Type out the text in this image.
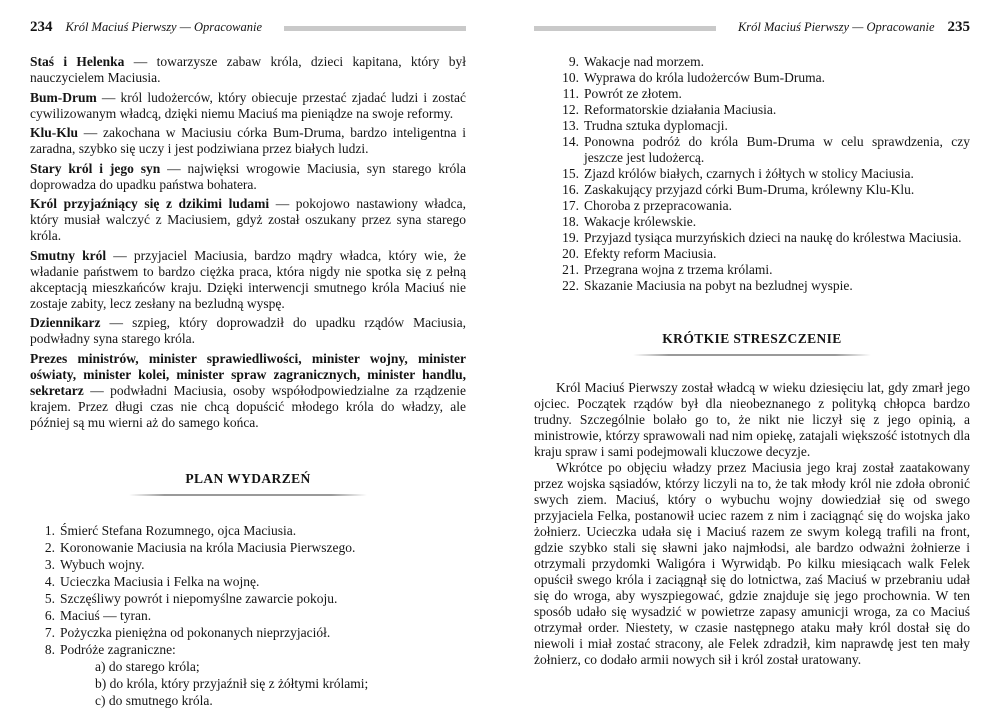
234 Król Maciuś Pierwszy — Opracowanie

Staś i Helenka — towarzysze zabaw króla, dzieci kapitana, który był nauczycielem Maciusia.

Bum-Drum — król ludożerców, który obiecuje przestać zjadać ludzi i zostać cywilizowanym władcą, dzięki niemu Maciuś ma pieniądze na swoje reformy.

Klu-Klu — zakochana w Maciusiu córka Bum-Druma, bardzo inteligentna i zaradna, szybko się uczy i jest podziwiana przez białych ludzi.

Stary król i jego syn — najwięksi wrogowie Maciusia, syn starego króla doprowadza do upadku państwa bohatera.

Król przyjaźniący się z dzikimi ludami — pokojowo nastawiony władca, który musiał walczyć z Maciusiem, gdyż został oszukany przez syna starego króla.

Smutny król — przyjaciel Maciusia, bardzo mądry władca, który wie, że władanie państwem to bardzo ciężka praca, która nigdy nie spotka się z pełną akceptacją mieszkańców kraju. Dzięki interwencji smutnego króla Maciuś nie zostaje zabity, lecz zesłany na bezludną wyspę.

Dziennikarz — szpieg, który doprowadził do upadku rządów Maciusia, podwładny syna starego króla.

Prezes ministrów, minister sprawiedliwości, minister wojny, minister oświaty, minister kolei, minister spraw zagranicznych, minister handlu, sekretarz — podwładni Maciusia, osoby współodpowiedzialne za rządzenie krajem. Przez długi czas nie chcą dopuścić młodego króla do władzy, ale później są mu wierni aż do samego końca.

PLAN WYDARZEŃ
1. Śmierć Stefana Rozumnego, ojca Maciusia.
2. Koronowanie Maciusia na króla Maciusia Pierwszego.
3. Wybuch wojny.
4. Ucieczka Maciusia i Felka na wojnę.
5. Szczęśliwy powrót i niepomyślne zawarcie pokoju.
6. Maciuś — tyran.
7. Pożyczka pieniężna od pokonanych nieprzyjaciół.
8. Podróże zagraniczne:
a) do starego króla;
b) do króla, który przyjaźnił się z żółtymi królami;
c) do smutnego króla.
Król Maciuś Pierwszy — Opracowanie 235
9. Wakacje nad morzem.
10. Wyprawa do króla ludożerców Bum-Druma.
11. Powrót ze złotem.
12. Reformatorskie działania Maciusia.
13. Trudna sztuka dyplomacji.
14. Ponowna podróż do króla Bum-Druma w celu sprawdzenia, czy jeszcze jest ludożercą.
15. Zjazd królów białych, czarnych i żółtych w stolicy Maciusia.
16. Zaskakujący przyjazd córki Bum-Druma, królewny Klu-Klu.
17. Choroba z przepracowania.
18. Wakacje królewskie.
19. Przyjazd tysiąca murzyńskich dzieci na naukę do królestwa Maciusia.
20. Efekty reform Maciusia.
21. Przegrana wojna z trzema królami.
22. Skazanie Maciusia na pobyt na bezludnej wyspie.
KRÓTKIE STRESZCZENIE

Król Maciuś Pierwszy został władcą w wieku dziesięciu lat, gdy zmarł jego ojciec. Początek rządów był dla nieobeznanego z polityką chłopca bardzo trudny. Szczególnie bolało go to, że nikt nie liczył się z jego opinią, a ministrowie, którzy sprawowali nad nim opiekę, zatajali większość istotnych dla kraju spraw i sami podejmowali kluczowe decyzje.

Wkrótce po objęciu władzy przez Maciusia jego kraj został zaatakowany przez wojska sąsiadów, którzy liczyli na to, że tak młody król nie zdoła obronić swych ziem. Maciuś, który o wybuchu wojny dowiedział się od swego przyjaciela Felka, postanowił uciec razem z nim i zaciągnąć się do wojska jako żołnierz. Ucieczka udała się i Maciuś razem ze swym kolegą trafili na front, gdzie szybko stali się sławni jako najmłodsi, ale bardzo odważni żołnierze i otrzymali przydomki Waligóra i Wyrwidąb. Po kilku miesiącach walk Felek opuścił swego króla i zaciągnął się do lotnictwa, zaś Maciuś w przebraniu udał się do wroga, aby wyszpiegować, gdzie znajduje się jego prochownia. W ten sposób udało się wysadzić w powietrze zapasy amunicji wroga, za co Maciuś otrzymał order. Niestety, w czasie następnego ataku mały król dostał się do niewoli i miał zostać stracony, ale Felek zdradził, kim naprawdę jest ten mały żołnierz, co dodało armii nowych sił i król został uratowany.
